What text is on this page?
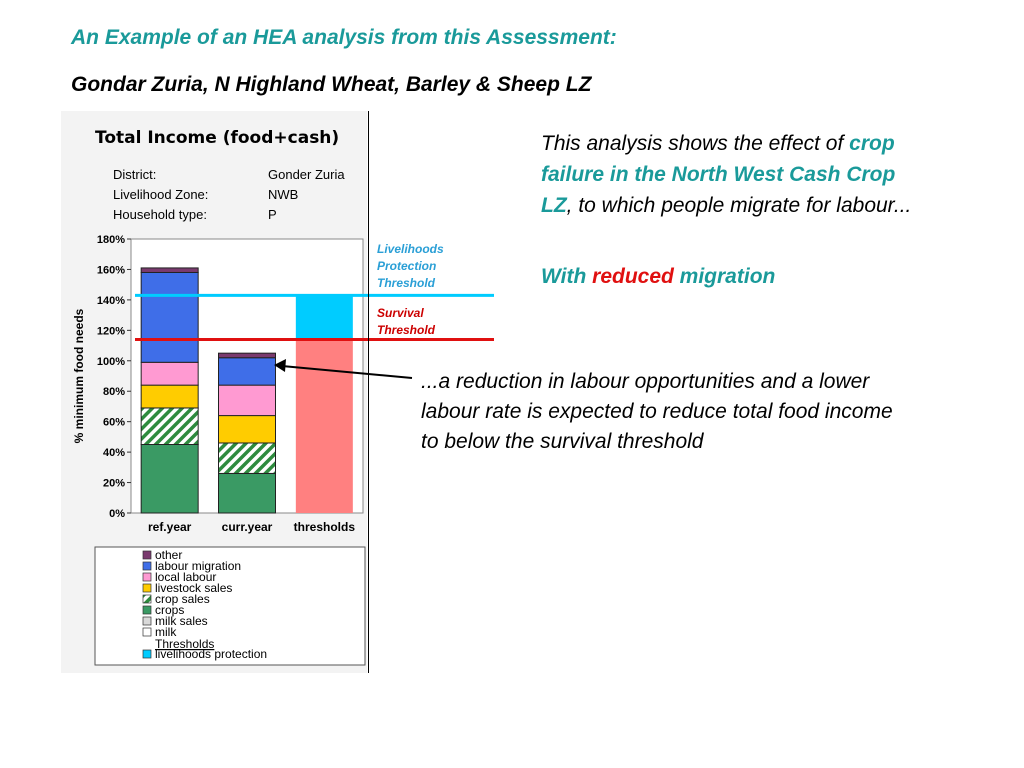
An Example of an HEA analysis from this Assessment:
Gondar Zuria, N Highland Wheat, Barley & Sheep LZ
Total Income (food+cash)
District:	Gonder Zuria
Livelihood Zone:	NWB
Household type:	P
0%
20%
40%
60%
80%
100%
120%
140%
160%
180%
% minimum food needs
ref.year	curr.year thresholds
other
labour migration
local labour
livestock sales
crop sales
crops
milk sales
milk
livelihoods protection
Thresholds
Livelihoods Protection Threshold
Survival Threshold
This analysis shows the effect of crop failure in the North West Cash Crop LZ, to which people migrate for labour...
With reduced migration
...a reduction in labour opportunities and a lower labour rate is expected to reduce total food income to below the survival threshold
